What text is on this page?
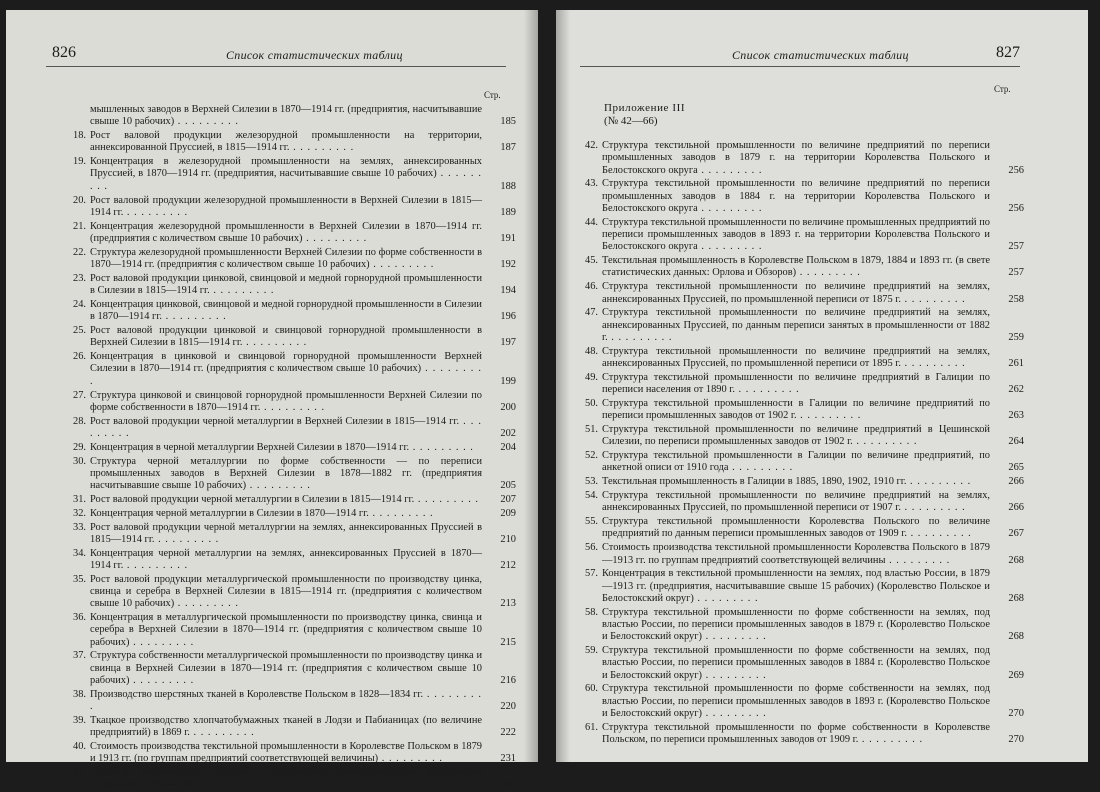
826	Список статистических таблиц
Стр.
мышленных заводов в Верхней Силезии в 1870—1914 гг. (предприятия, насчитывавшие свыше 10 рабочих) . . . . . . . . .	185
18. Рост валовой продукции железорудной промышленности на территории, аннексированной Пруссией, в 1815—1914 гг. . . . . . . . . .	187
19. Концентрация в железорудной промышленности на землях, аннексированных Пруссией, в 1870—1914 гг. (предприятия, насчитывавшие свыше 10 рабочих) . . . . . . . . .	188
20. Рост валовой продукции железорудной промышленности в Верхней Силезии в 1815—1914 гг. . . . . . . . . .	189
21. Концентрация железорудной промышленности в Верхней Силезии в 1870—1914 гг. (предприятия с количеством свыше 10 рабочих) . . . . . . . . .	191
22. Структура железорудной промышленности Верхней Силезии по форме собственности в 1870—1914 гг. (предприятия с количеством свыше 10 рабочих) . . . . . . . . .	192
23. Рост валовой продукции цинковой, свинцовой и медной горнорудной промышленности в Силезии в 1815—1914 гг. . . . . . . . . .	194
24. Концентрация цинковой, свинцовой и медной горнорудной промышленности в Силезии в 1870—1914 гг. . . . . . . . . .	196
25. Рост валовой продукции цинковой и свинцовой горнорудной промышленности в Верхней Силезии в 1815—1914 гг. . . . . . . . . .	197
26. Концентрация в цинковой и свинцовой горнорудной промышленности Верхней Силезии в 1870—1914 гг. (предприятия с количеством свыше 10 рабочих) . . . . . . . . .	199
27. Структура цинковой и свинцовой горнорудной промышленности Верхней Силезии по форме собственности в 1870—1914 гг. . . . . . . . . .	200
28. Рост валовой продукции черной металлургии в Верхней Силезии в 1815—1914 гг. . . . . . . . . .	202
29. Концентрация в черной металлургии Верхней Силезии в 1870—1914 гг. . . . . . . . . .	204
30. Структура черной металлургии по форме собственности — по переписи промышленных заводов в Верхней Силезии в 1878—1882 гг. (предприятия насчитывавшие свыше 10 рабочих) . . . . . . . . .	205
31. Рост валовой продукции черной металлургии в Силезии в 1815—1914 гг. . . . . . . . . .	207
32. Концентрация черной металлургии в Силезии в 1870—1914 гг. . . . . . . . . .	209
33. Рост валовой продукции черной металлургии на землях, аннексированных Пруссией в 1815—1914 гг. . . . . . . . . .	210
34. Концентрация черной металлургии на землях, аннексированных Пруссией в 1870—1914 гг. . . . . . . . . .	212
35. Рост валовой продукции металлургической промышленности по производству цинка, свинца и серебра в Верхней Силезии в 1815—1914 гг. (предприятия с количеством свыше 10 рабочих) . . . . . . . . .	213
36. Концентрация в металлургической промышленности по производству цинка, свинца и серебра в Верхней Силезии в 1870—1914 гг. (предприятия с количеством свыше 10 рабочих) . . . . . . . . .	215
37. Структура собственности металлургической промышленности по производству цинка и свинца в Верхней Силезии в 1870—1914 гг. (предприятия с количеством свыше 10 рабочих) . . . . . . . . .	216
38. Производство шерстяных тканей в Королевстве Польском в 1828—1834 гг. . . . . . . . . .	220
39. Ткацкое производство хлопчатобумажных тканей в Лодзи и Пабианицах (по величине предприятий) в 1869 г. . . . . . . . . .	222
40. Стоимость производства текстильной промышленности в Королевстве Польском в 1879 и 1913 гг. (по группам предприятий соответствующей величины) . . . . . . . . .	231
41. Прибыль акционерных обществ в текстильной промышленности Королевства Польского в 1897—1901 гг. . . . . . . . . .	240
Список статистических таблиц	827
Стр.
Приложение III
(№ 42—66)
42. Структура текстильной промышленности по величине предприятий по переписи промышленных заводов в 1879 г. на территории Королевства Польского и Белостокского округа . . . . . . . . .	256
43. Структура текстильной промышленности по величине предприятий по переписи промышленных заводов в 1884 г. на территории Королевства Польского и Белостокского округа . . . . . . . . .	256
44. Структура текстильной промышленности по величине промышленных предприятий по переписи промышленных заводов в 1893 г. на территории Королевства Польского и Белостокского округа . . . . . . . . .	257
45. Текстильная промышленность в Королевстве Польском в 1879, 1884 и 1893 гг. (в свете статистических данных: Орлова и Обзоров) . . . . . . . . .	257
46. Структура текстильной промышленности по величине предприятий на землях, аннексированных Пруссией, по промышленной переписи от 1875 г. . . . . . . . . .	258
47. Структура текстильной промышленности по величине предприятий на землях, аннексированных Пруссией, по данным переписи занятых в промышленности от 1882 г. . . . . . . . . .	259
48. Структура текстильной промышленности по величине предприятий на землях, аннексированных Пруссией, по промышленной переписи от 1895 г. . . . . . . . . .	261
49. Структура текстильной промышленности по величине предприятий в Галиции по переписи населения от 1890 г. . . . . . . . . .	262
50. Структура текстильной промышленности в Галиции по величине предприятий по переписи промышленных заводов от 1902 г. . . . . . . . . .	263
51. Структура текстильной промышленности по величине предприятий в Цешинской Силезии, по переписи промышленных заводов от 1902 г. . . . . . . . . .	264
52. Структура текстильной промышленности в Галиции по величине предприятий, по анкетной описи от 1910 года . . . . . . . . .	265
53. Текстильная промышленность в Галиции в 1885, 1890, 1902, 1910 гг. . . . . . . . . .	266
54. Структура текстильной промышленности по величине предприятий на землях, аннексированных Пруссией, по промышленной переписи от 1907 г. . . . . . . . . .	266
55. Структура текстильной промышленности Королевства Польского по величине предприятий по данным переписи промышленных заводов от 1909 г. . . . . . . . . .	267
56. Стоимость производства текстильной промышленности Королевства Польского в 1879—1913 гг. по группам предприятий соответствующей величины . . . . . . . . .	268
57. Концентрация в текстильной промышленности на землях, под властью России, в 1879—1913 гг. (предприятия, насчитывавшие свыше 15 рабочих) (Королевство Польское и Белостокский округ) . . . . . . . . .	268
58. Структура текстильной промышленности по форме собственности на землях, под властью России, по переписи промышленных заводов в 1879 г. (Королевство Польское и Белостокский округ) . . . . . . . . .	268
59. Структура текстильной промышленности по форме собственности на землях, под властью России, по переписи промышленных заводов в 1884 г. (Королевство Польское и Белостокский округ) . . . . . . . . .	269
60. Структура текстильной промышленности по форме собственности на землях, под властью России, по переписи промышленных заводов в 1893 г. (Королевство Польское и Белостокский округ) . . . . . . . . .	270
61. Структура текстильной промышленности по форме собственности в Королевстве Польском, по переписи промышленных заводов от 1909 г. . . . . . . . . .	270
